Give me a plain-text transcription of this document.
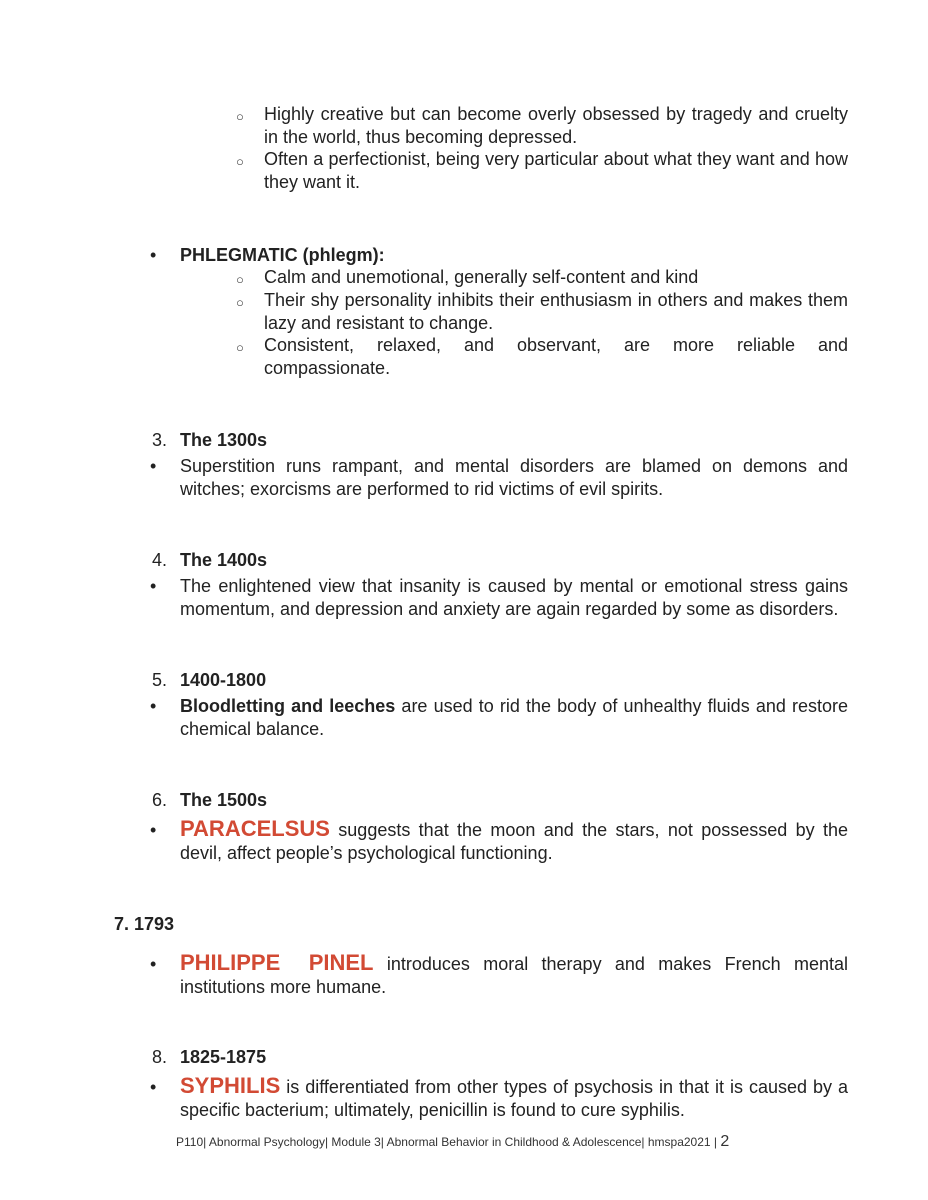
○ Highly creative but can become overly obsessed by tragedy and cruelty in the world, thus becoming depressed.
○ Often a perfectionist, being very particular about what they want and how they want it.
• PHLEGMATIC (phlegm):
○ Calm and unemotional, generally self-content and kind
○ Their shy personality inhibits their enthusiasm in others and makes them lazy and resistant to change.
○ Consistent, relaxed, and observant, are more reliable and
compassionate.
3. The 1300s
• Superstition runs rampant, and mental disorders are blamed on demons and witches; exorcisms are performed to rid victims of evil spirits.
4. The 1400s
• The enlightened view that insanity is caused by mental or emotional stress gains momentum, and depression and anxiety are again regarded by some as disorders.
5. 1400-1800
• Bloodletting and leeches are used to rid the body of unhealthy fluids and restore chemical balance.
6. The 1500s
• PARACELSUS suggests that the moon and the stars, not possessed by the devil, affect people’s psychological functioning.
7. 1793
• PHILIPPE PINEL introduces moral therapy and makes French mental institutions more humane.
8. 1825-1875
• SYPHILIS is differentiated from other types of psychosis in that it is caused by a specific bacterium; ultimately, penicillin is found to cure syphilis.
P110| Abnormal Psychology| Module 3| Abnormal Behavior in Childhood & Adolescence| hmspa2021 | 2
